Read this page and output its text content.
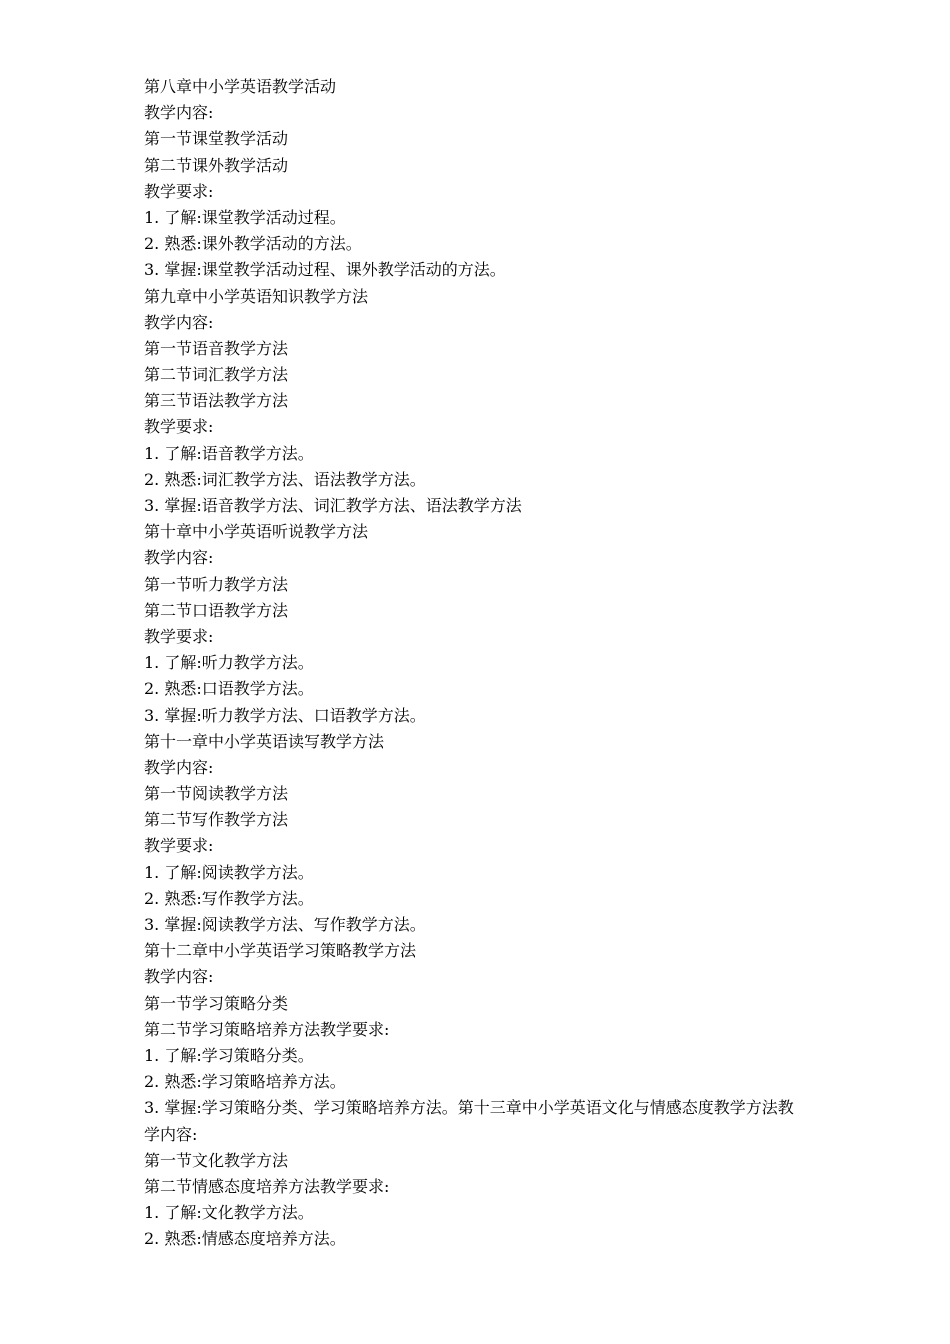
第八章中小学英语教学活动
教学内容:
第一节课堂教学活动
第二节课外教学活动
教学要求:
1. 了解:课堂教学活动过程。
2. 熟悉:课外教学活动的方法。
3. 掌握:课堂教学活动过程、课外教学活动的方法。
第九章中小学英语知识教学方法
教学内容:
第一节语音教学方法
第二节词汇教学方法
第三节语法教学方法
教学要求:
1. 了解:语音教学方法。
2. 熟悉:词汇教学方法、语法教学方法。
3. 掌握:语音教学方法、词汇教学方法、语法教学方法
第十章中小学英语听说教学方法
教学内容:
第一节听力教学方法
第二节口语教学方法
教学要求:
1. 了解:听力教学方法。
2. 熟悉:口语教学方法。
3. 掌握:听力教学方法、口语教学方法。
第十一章中小学英语读写教学方法
教学内容:
第一节阅读教学方法
第二节写作教学方法
教学要求:
1. 了解:阅读教学方法。
2. 熟悉:写作教学方法。
3. 掌握:阅读教学方法、写作教学方法。
第十二章中小学英语学习策略教学方法
教学内容:
第一节学习策略分类
第二节学习策略培养方法教学要求:
1. 了解:学习策略分类。
2. 熟悉:学习策略培养方法。
3. 掌握:学习策略分类、学习策略培养方法。第十三章中小学英语文化与情感态度教学方法教
学内容:
第一节文化教学方法
第二节情感态度培养方法教学要求:
1. 了解:文化教学方法。
2. 熟悉:情感态度培养方法。
